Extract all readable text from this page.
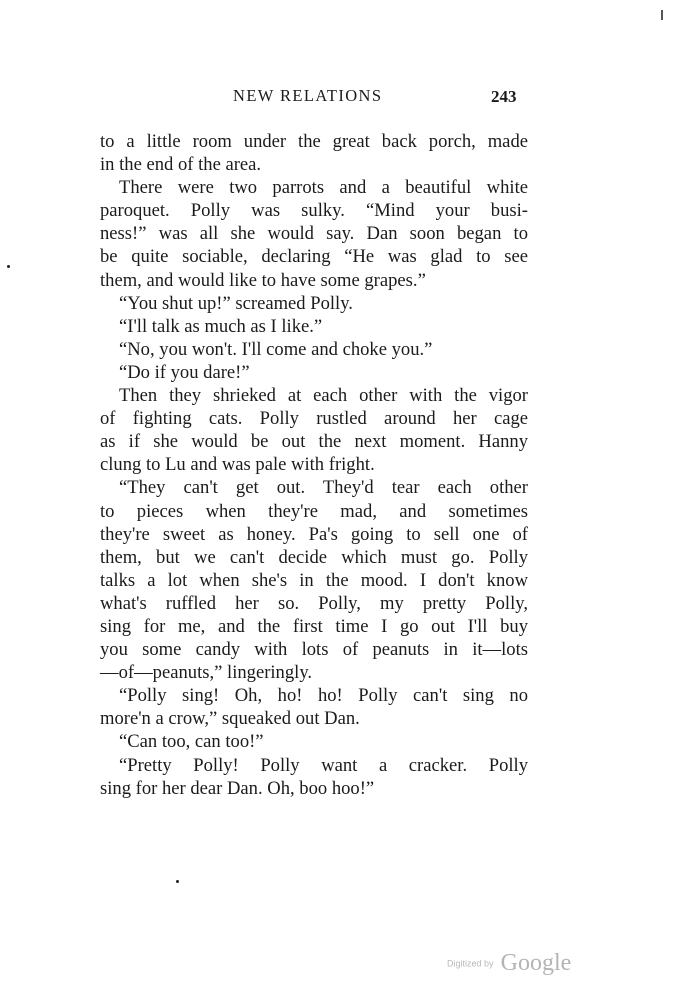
NEW RELATIONS	243
to a little room under the great back porch, made
in the end of the area.
There were two parrots and a beautiful white
paroquet. Polly was sulky. “Mind your busi-
ness!” was all she would say. Dan soon began to
be quite sociable, declaring “He was glad to see
them, and would like to have some grapes.”
“You shut up!” screamed Polly.
“I'll talk as much as I like.”
“No, you won't. I'll come and choke you.”
“Do if you dare!”
Then they shrieked at each other with the vigor
of fighting cats. Polly rustled around her cage
as if she would be out the next moment. Hanny
clung to Lu and was pale with fright.
“They can't get out. They'd tear each other
to pieces when they're mad, and sometimes
they're sweet as honey. Pa's going to sell one of
them, but we can't decide which must go. Polly
talks a lot when she's in the mood. I don't know
what's ruffled her so. Polly, my pretty Polly,
sing for me, and the first time I go out I'll buy
you some candy with lots of peanuts in it—lots
—of—peanuts,” lingeringly.
“Polly sing! Oh, ho! ho! Polly can't sing no
more'n a crow,” squeaked out Dan.
“Can too, can too!”
“Pretty Polly! Polly want a cracker. Polly
sing for her dear Dan. Oh, boo hoo!”
Digitized by Google
